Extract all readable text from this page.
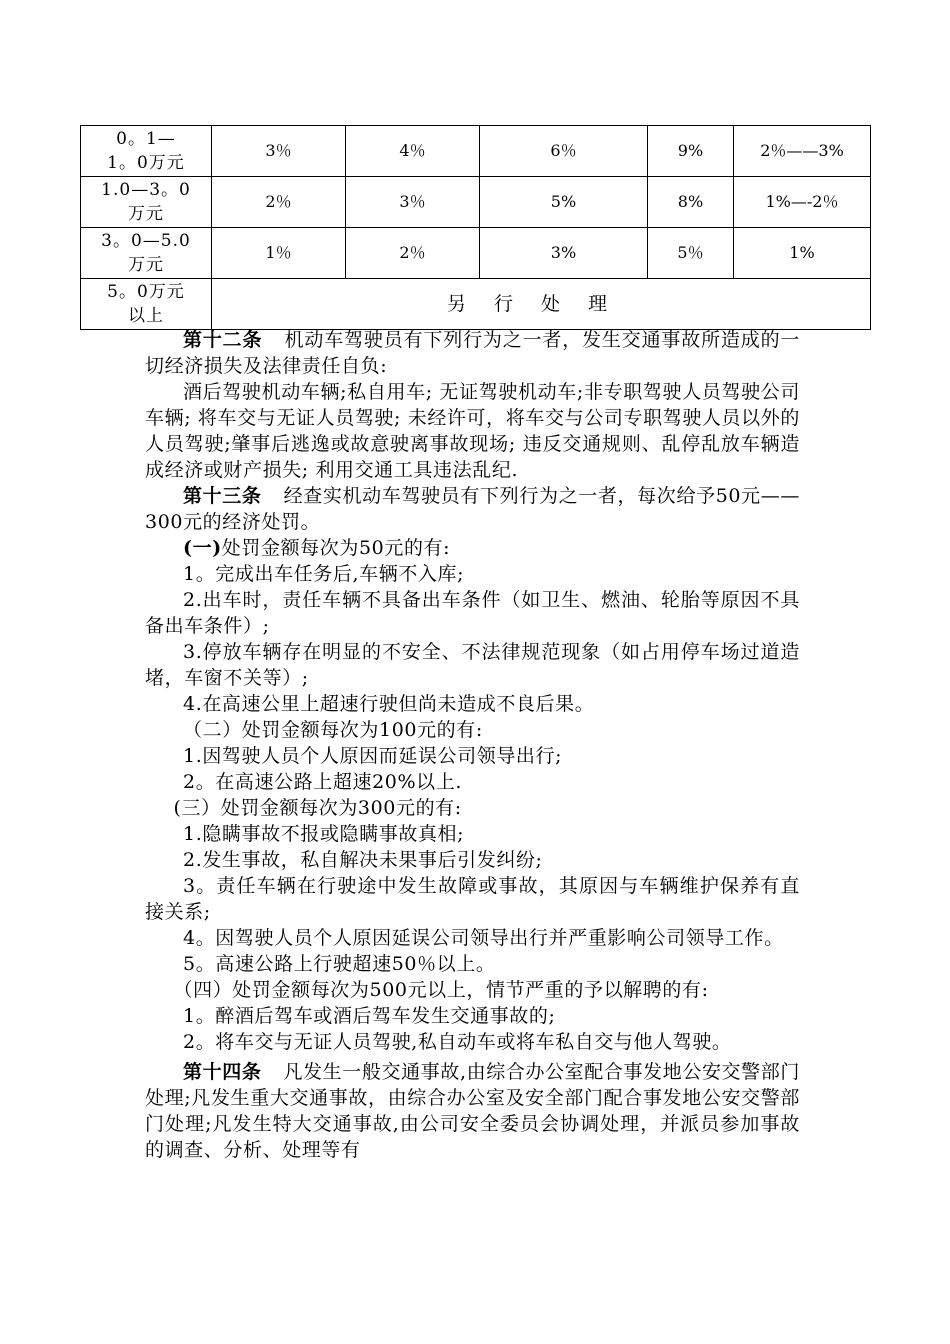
0。1—
1。0万元	3％	4％	6％	9%	2％——3%
1.0—3。0
万元	2％	3％	5%	8%	1%—-2％
3。0—5.0
万元	1％	2％	3%	5％	1%
5。0万元
以上	另行处理				

第十二条 机动车驾驶员有下列行为之一者，发生交通事故所造成的一切经济损失及法律责任自负:

酒后驾驶机动车辆;私自用车; 无证驾驶机动车;非专职驾驶人员驾驶公司车辆; 将车交与无证人员驾驶; 未经许可，将车交与公司专职驾驶人员以外的人员驾驶;肇事后逃逸或故意驶离事故现场; 违反交通规则、乱停乱放车辆造成经济或财产损失; 利用交通工具违法乱纪.

第十三条 经查实机动车驾驶员有下列行为之一者，每次给予50元——300元的经济处罚。

(一)处罚金额每次为50元的有:

1。完成出车任务后,车辆不入库;

2.出车时，责任车辆不具备出车条件（如卫生、燃油、轮胎等原因不具备出车条件）;

3.停放车辆存在明显的不安全、不法律规范现象（如占用停车场过道造堵，车窗不关等）;

4.在高速公里上超速行驶但尚未造成不良后果。

（二）处罚金额每次为100元的有:

1.因驾驶人员个人原因而延误公司领导出行;

2。在高速公路上超速20%以上.

(三）处罚金额每次为300元的有:

1.隐瞒事故不报或隐瞒事故真相;

2.发生事故，私自解决未果事后引发纠纷;

3。责任车辆在行驶途中发生故障或事故，其原因与车辆维护保养有直接关系;

4。因驾驶人员个人原因延误公司领导出行并严重影响公司领导工作。

5。高速公路上行驶超速50％以上。

（四）处罚金额每次为500元以上，情节严重的予以解聘的有:

1。醉酒后驾车或酒后驾车发生交通事故的;

2。将车交与无证人员驾驶,私自动车或将车私自交与他人驾驶。

第十四条 凡发生一般交通事故,由综合办公室配合事发地公安交警部门处理;凡发生重大交通事故，由综合办公室及安全部门配合事发地公安交警部门处理;凡发生特大交通事故,由公司安全委员会协调处理，并派员参加事故的调查、分析、处理等有
